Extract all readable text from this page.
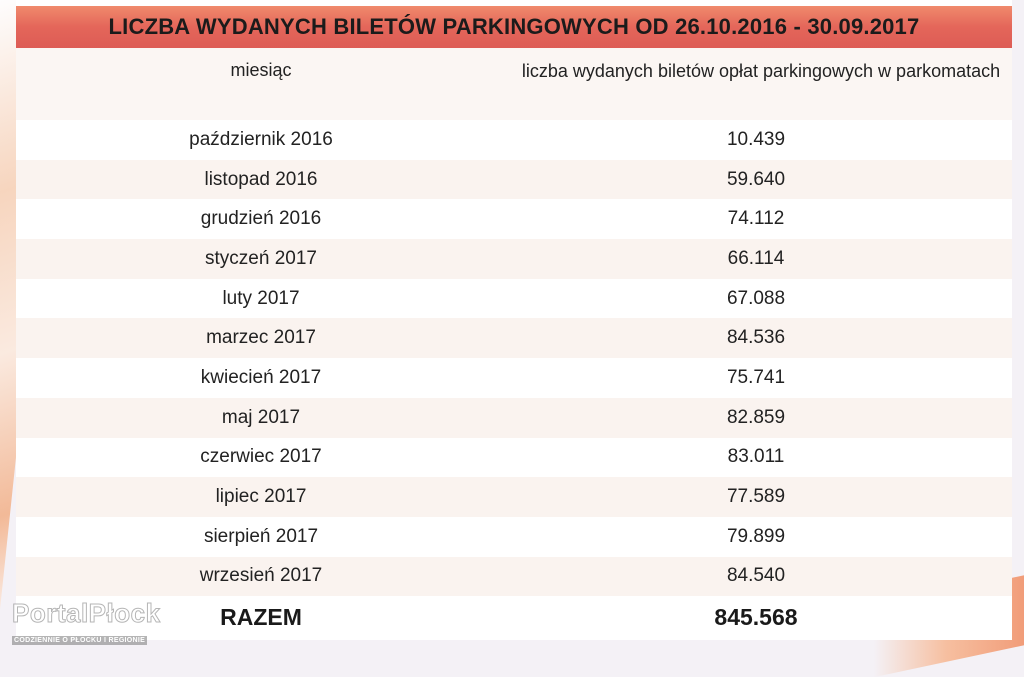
LICZBA WYDANYCH BILETÓW PARKINGOWYCH OD 26.10.2016 - 30.09.2017
miesiąc	liczba wydanych biletów opłat parkingowych w parkomatach
październik 2016	10.439
listopad 2016	59.640
grudzień 2016	74.112
styczeń 2017	66.114
luty 2017	67.088
marzec 2017	84.536
kwiecień 2017	75.741
maj 2017	82.859
czerwiec 2017	83.011
lipiec 2017	77.589
sierpień 2017	79.899
wrzesień 2017	84.540
RAZEM	845.568
PortalPłock
CODZIENNIE O PŁOCKU I REGIONIE
